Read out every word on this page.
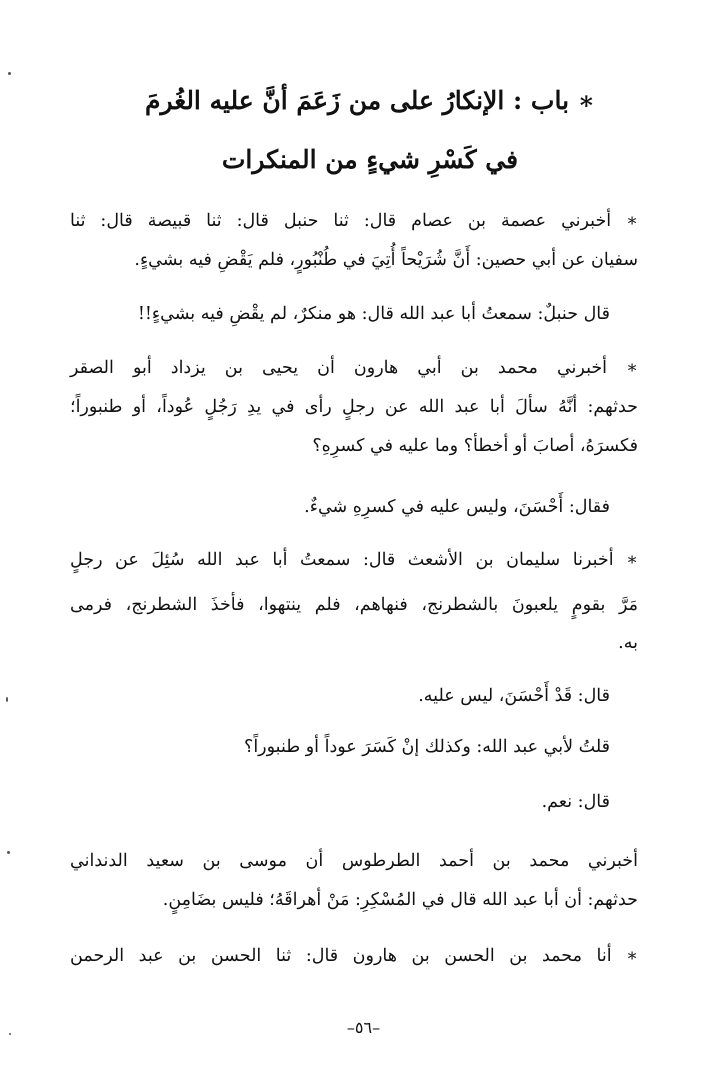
∗ باب : الإنكارُ على من زَعَمَ أنَّ عليه الغُرمَ
في كَسْرِ شيءٍ من المنكرات
∗ أخبرني عصمة بن عصام قال: ثنا حنبل قال: ثنا قبيصة قال: ثنا
سفيان عن أبي حصين: أَنَّ شُرَيْحاً أُتِيَ في طُنْبُورٍ، فلم يَقْضِ فيه بشيءٍ.
قال حنبلٌ: سمعتُ أبا عبد الله قال: هو منكرٌ، لم يقْضِ فيه بشيءٍ!!
∗ أخبرني محمد بن أبي هارون أن يحيى بن يزداد أبو الصقر
حدثهم: أنَّهُ سألَ أبا عبد الله عن رجلٍ رأى في يدِ رَجُلٍ عُوداً، أو طنبوراً؛
فكسرَهُ، أصابَ أو أخطأ؟ وما عليه في كسرِهِ؟
فقال: أَحْسَنَ، وليس عليه في كسرِهِ شيءٌ.
∗ أخبرنا سليمان بن الأشعث قال: سمعتُ أبا عبد الله سُئِلَ عن رجلٍ
مَرَّ بقومٍ يلعبونَ بالشطرنج، فنهاهم، فلم ينتهوا، فأخذَ الشطرنج، فرمى
به.
قال: قَدْ أَحْسَنَ، ليس عليه.
قلتُ لأبي عبد الله: وكذلك إنْ كَسَرَ عوداً أو طنبوراً؟
قال: نعم.
أخبرني محمد بن أحمد الطرطوس أن موسى بن سعيد الدنداني
حدثهم: أن أبا عبد الله قال في المُسْكِرِ: مَنْ أهراقَهُ؛ فليس بضَامِنٍ.
∗ أنا محمد بن الحسن بن هارون قال: ثنا الحسن بن عبد الرحمن
–٥٦–
